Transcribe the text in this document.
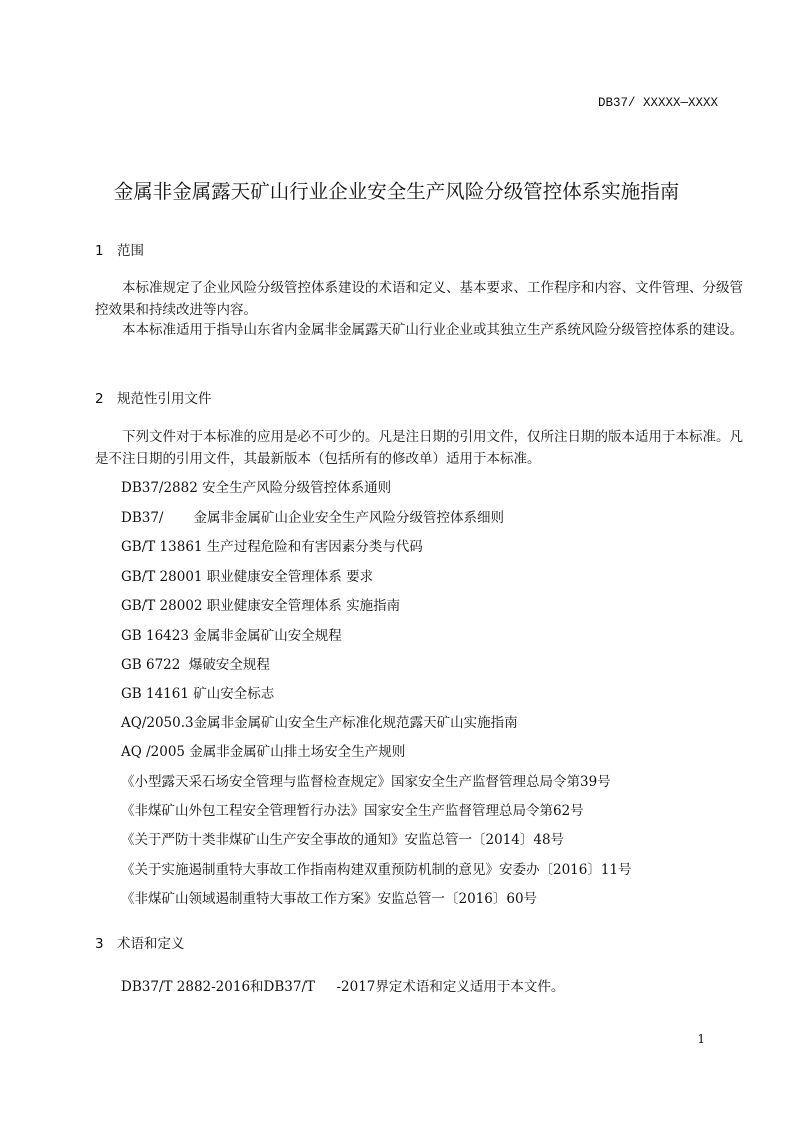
DB37/ XXXXX—XXXX
金属非金属露天矿山行业企业安全生产风险分级管控体系实施指南
1 范围
本标准规定了企业风险分级管控体系建设的术语和定义、基本要求、工作程序和内容、文件管理、分级管控效果和持续改进等内容。
本本标准适用于指导山东省内金属非金属露天矿山行业企业或其独立生产系统风险分级管控体系的建设。
2 规范性引用文件
下列文件对于本标准的应用是必不可少的。凡是注日期的引用文件，仅所注日期的版本适用于本标准。凡是不注日期的引用文件，其最新版本（包括所有的修改单）适用于本标准。
DB37/2882 安全生产风险分级管控体系通则
DB37/       金属非金属矿山企业安全生产风险分级管控体系细则
GB/T 13861 生产过程危险和有害因素分类与代码
GB/T 28001 职业健康安全管理体系 要求
GB/T 28002 职业健康安全管理体系 实施指南
GB 16423 金属非金属矿山安全规程
GB 6722  爆破安全规程
GB 14161 矿山安全标志
AQ/2050.3金属非金属矿山安全生产标准化规范露天矿山实施指南
AQ /2005 金属非金属矿山排土场安全生产规则
《小型露天采石场安全管理与监督检查规定》国家安全生产监督管理总局令第39号
《非煤矿山外包工程安全管理暂行办法》国家安全生产监督管理总局令第62号
《关于严防十类非煤矿山生产安全事故的通知》安监总管一〔2014〕48号
《关于实施遏制重特大事故工作指南构建双重预防机制的意见》安委办〔2016〕11号
《非煤矿山领域遏制重特大事故工作方案》安监总管一〔2016〕60号
3 术语和定义
DB37/T 2882-2016和DB37/T     -2017界定术语和定义适用于本文件。
1
